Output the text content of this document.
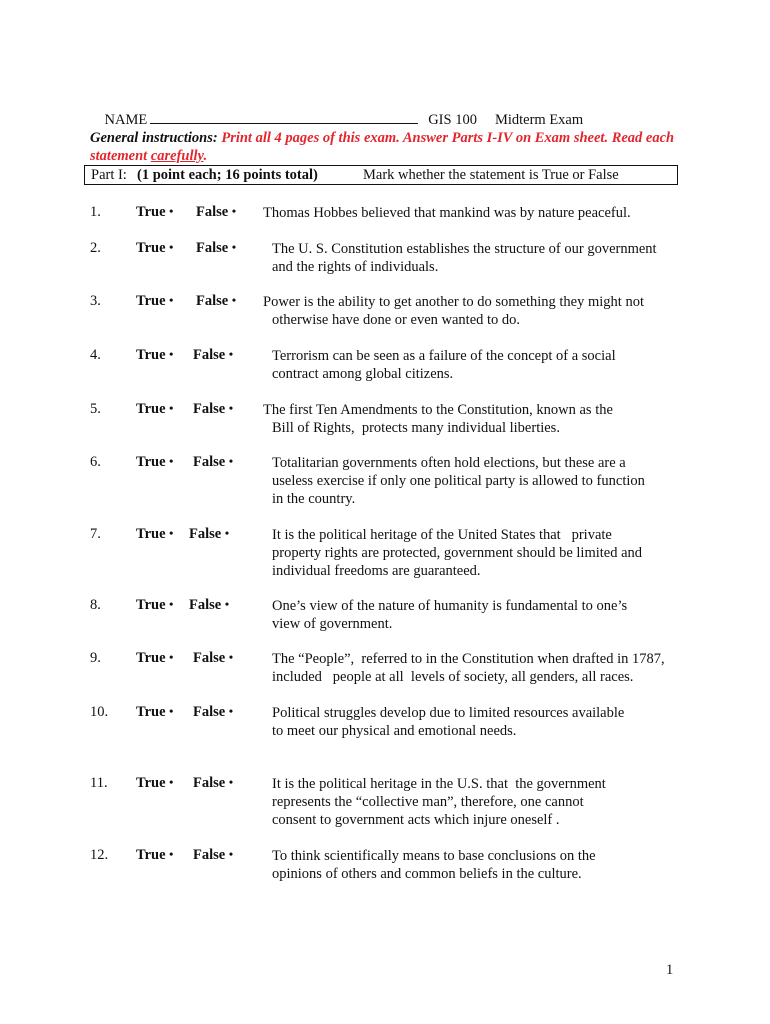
NAME	GIS 100 Midterm Exam

General instructions: Print all 4 pages of this exam. Answer Parts I-IV on Exam sheet. Read each statement carefully.
Part I: (1 point each; 16 points total)	Mark whether the statement is True or False
1. True • False • Thomas Hobbes believed that mankind was by nature peaceful.
2. True • False • The U. S. Constitution establishes the structure of our government
and the rights of individuals.
3. True • False • Power is the ability to get another to do something they might not
otherwise have done or even wanted to do.
4. True • False •	Terrorism can be seen as a failure of the concept of a social
contract among global citizens.
5. True • False • The first Ten Amendments to the Constitution, known as the
Bill of Rights,  protects many individual liberties.
6. True • False •	Totalitarian governments often hold elections, but these are a
useless exercise if only one political party is allowed to function
in the country.
7. True • False •	It is the political heritage of the United States that   private
property rights are protected, government should be limited and
individual freedoms are guaranteed.
8. True • False •	One’s view of the nature of humanity is fundamental to one’s
view of government.
9. True • False •	The “People”,  referred to in the Constitution when drafted in 1787,
included   people at all  levels of society, all genders, all races.
10. True • False •	Political struggles develop due to limited resources available
to meet our physical and emotional needs.
11. True • False •	It is the political heritage in the U.S. that  the government
represents the “collective man”, therefore, one cannot
consent to government acts which injure oneself .
12. True • False •	To think scientifically means to base conclusions on the
opinions of others and common beliefs in the culture.
1
